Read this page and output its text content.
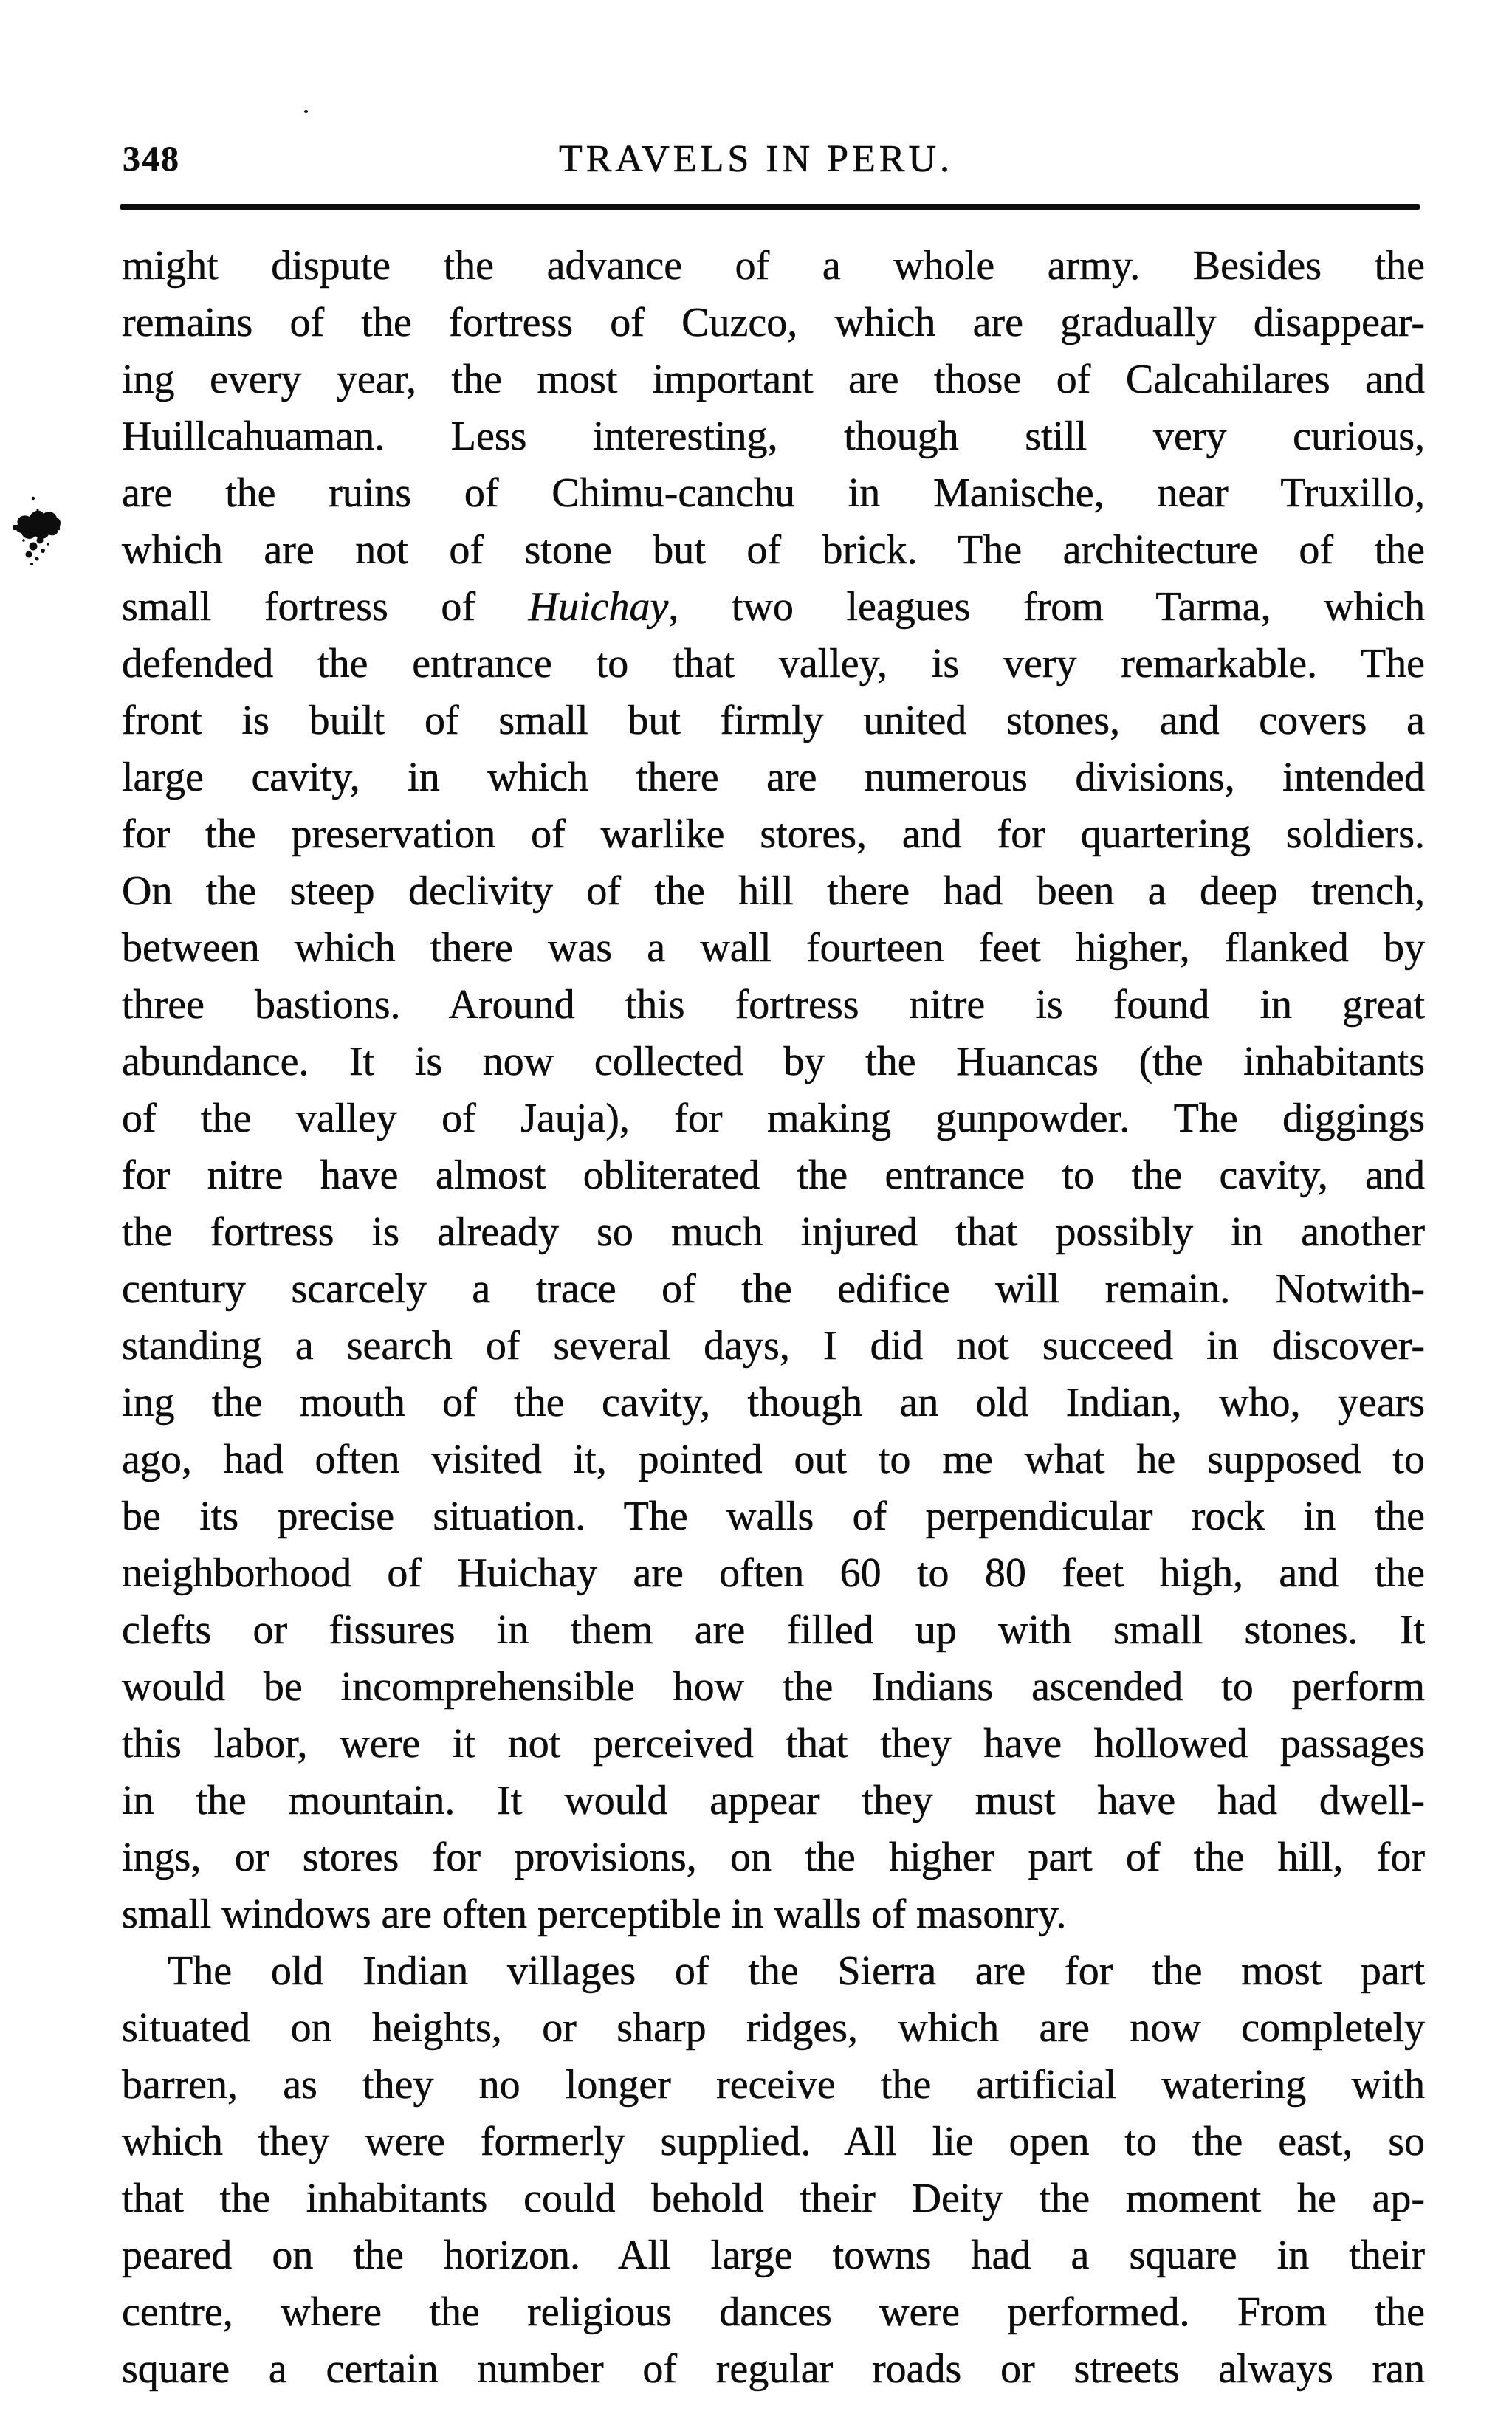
348	TRAVELS IN PERU.
might dispute the advance of a whole army. Besides the
remains of the fortress of Cuzco, which are gradually disappear-
ing every year, the most important are those of Calcahilares and
Huillcahuaman. Less interesting, though still very curious,
are the ruins of Chimu-canchu in Manische, near Truxillo,
which are not of stone but of brick. The architecture of the
small fortress of Huichay, two leagues from Tarma, which
defended the entrance to that valley, is very remarkable. The
front is built of small but firmly united stones, and covers a
large cavity, in which there are numerous divisions, intended
for the preservation of warlike stores, and for quartering soldiers.
On the steep declivity of the hill there had been a deep trench,
between which there was a wall fourteen feet higher, flanked by
three bastions. Around this fortress nitre is found in great
abundance. It is now collected by the Huancas (the inhabitants
of the valley of Jauja), for making gunpowder. The diggings
for nitre have almost obliterated the entrance to the cavity, and
the fortress is already so much injured that possibly in another
century scarcely a trace of the edifice will remain. Notwith-
standing a search of several days, I did not succeed in discover-
ing the mouth of the cavity, though an old Indian, who, years
ago, had often visited it, pointed out to me what he supposed to
be its precise situation. The walls of perpendicular rock in the
neighborhood of Huichay are often 60 to 80 feet high, and the
clefts or fissures in them are filled up with small stones. It
would be incomprehensible how the Indians ascended to perform
this labor, were it not perceived that they have hollowed passages
in the mountain. It would appear they must have had dwell-
ings, or stores for provisions, on the higher part of the hill, for
small windows are often perceptible in walls of masonry.
The old Indian villages of the Sierra are for the most part
situated on heights, or sharp ridges, which are now completely
barren, as they no longer receive the artificial watering with
which they were formerly supplied. All lie open to the east, so
that the inhabitants could behold their Deity the moment he ap-
peared on the horizon. All large towns had a square in their
centre, where the religious dances were performed. From the
square a certain number of regular roads or streets always ran
